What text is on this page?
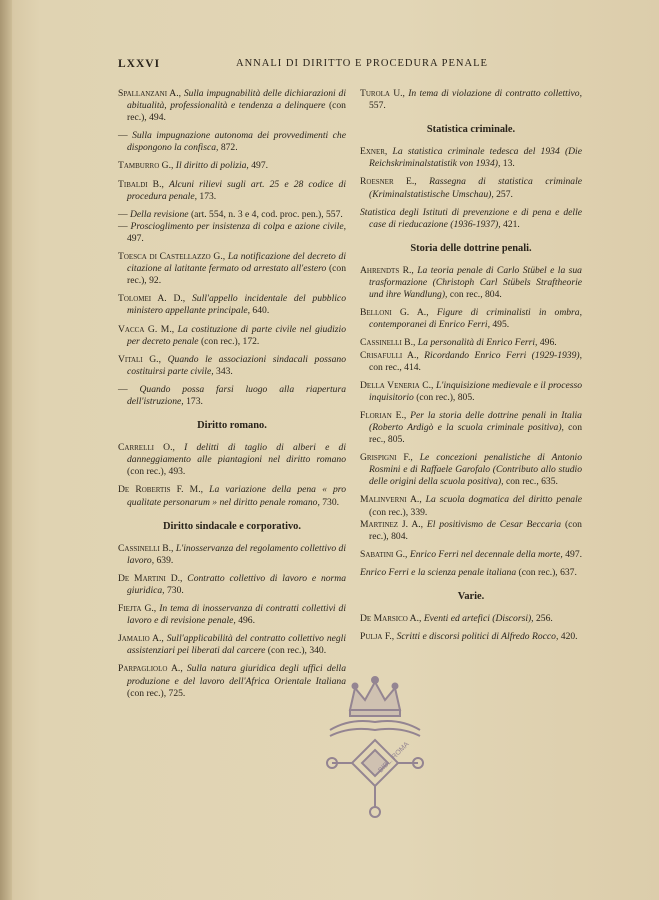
LXXVI	ANNALI DI DIRITTO E PROCEDURA PENALE

Spallanzani A., Sulla impugnabilità delle dichiarazioni di abitualità, professionalità e tendenza a delinquere (con rec.), 494.

— Sulla impugnazione autonoma dei provvedimenti che dispongono la confisca, 872.

Tamburro G., Il diritto di polizia, 497.

Tibaldi B., Alcuni rilievi sugli art. 25 e 28 codice di procedura penale, 173.

— Della revisione (art. 554, n. 3 e 4, cod. proc. pen.), 557.

— Proscioglimento per insistenza di colpa e azione civile, 497.

Toesca di Castellazzo G., La notificazione del decreto di citazione al latitante fermato od arrestato all'estero (con rec.), 92.

Tolomei A. D., Sull'appello incidentale del pubblico ministero appellante principale, 640.

Vacca G. M., La costituzione di parte civile nel giudizio per decreto penale (con rec.), 172.

Vitali G., Quando le associazioni sindacali possano costituirsi parte civile, 343.

— Quando possa farsi luogo alla riapertura dell'istruzione, 173.

Diritto romano.

Carrelli O., I delitti di taglio di alberi e di danneggiamento alle piantagioni nel diritto romano (con rec.), 493.

De Robertis F. M., La variazione della pena « pro qualitate personarum » nel diritto penale romano, 730.

Diritto sindacale e corporativo.

Cassinelli B., L'inosservanza del regolamento collettivo di lavoro, 639.

De Martini D., Contratto collettivo di lavoro e norma giuridica, 730.

Fiejta G., In tema di inosservanza di contratti collettivi di lavoro e di revisione penale, 496.

Jamalio A., Sull'applicabilità del contratto collettivo negli assistenziari pei liberati dal carcere (con rec.), 340.

Parpagliolo A., Sulla natura giuridica degli uffici della produzione e del lavoro dell'Africa Orientale Italiana (con rec.), 725.

Turola U., In tema di violazione di contratto collettivo, 557.

Statistica criminale.

Exner, La statistica criminale tedesca del 1934 (Die Reichskriminalstatistik von 1934), 13.

Roesner E., Rassegna di statistica criminale (Kriminalstatistische Umschau), 257.

Statistica degli Istituti di prevenzione e di pena e delle case di rieducazione (1936-1937), 421.

Storia delle dottrine penali.

Ahrendts R., La teoria penale di Carlo Stübel e la sua trasformazione (Christoph Carl Stübels Straftheorie und ihre Wandlung), con rec., 804.

Belloni G. A., Figure di criminalisti in ombra, contemporanei di Enrico Ferri, 495.

Cassinelli B., La personalità di Enrico Ferri, 496.

Crisafulli A., Ricordando Enrico Ferri (1929-1939), con rec., 414.

Della Veneria C., L'inquisizione medievale e il processo inquisitorio (con rec.), 805.

Florian E., Per la storia delle dottrine penali in Italia (Roberto Ardigò e la scuola criminale positiva), con rec., 805.

Grispigni F., Le concezioni penalistiche di Antonio Rosmini e di Raffaele Garofalo (Contributo allo studio delle origini della scuola positiva), con rec., 635.

Malinverni A., La scuola dogmatica del diritto penale (con rec.), 339.

Martinez J. A., El positivismo de Cesar Beccaria (con rec.), 804.

Sabatini G., Enrico Ferri nel decennale della morte, 497.

Enrico Ferri e la scienza penale italiana (con rec.), 637.

Varie.

De Marsico A., Eventi ed artefici (Discorsi), 256.

Pulja F., Scritti e discorsi politici di Alfredo Rocco, 420.

BIBL. ROMA
